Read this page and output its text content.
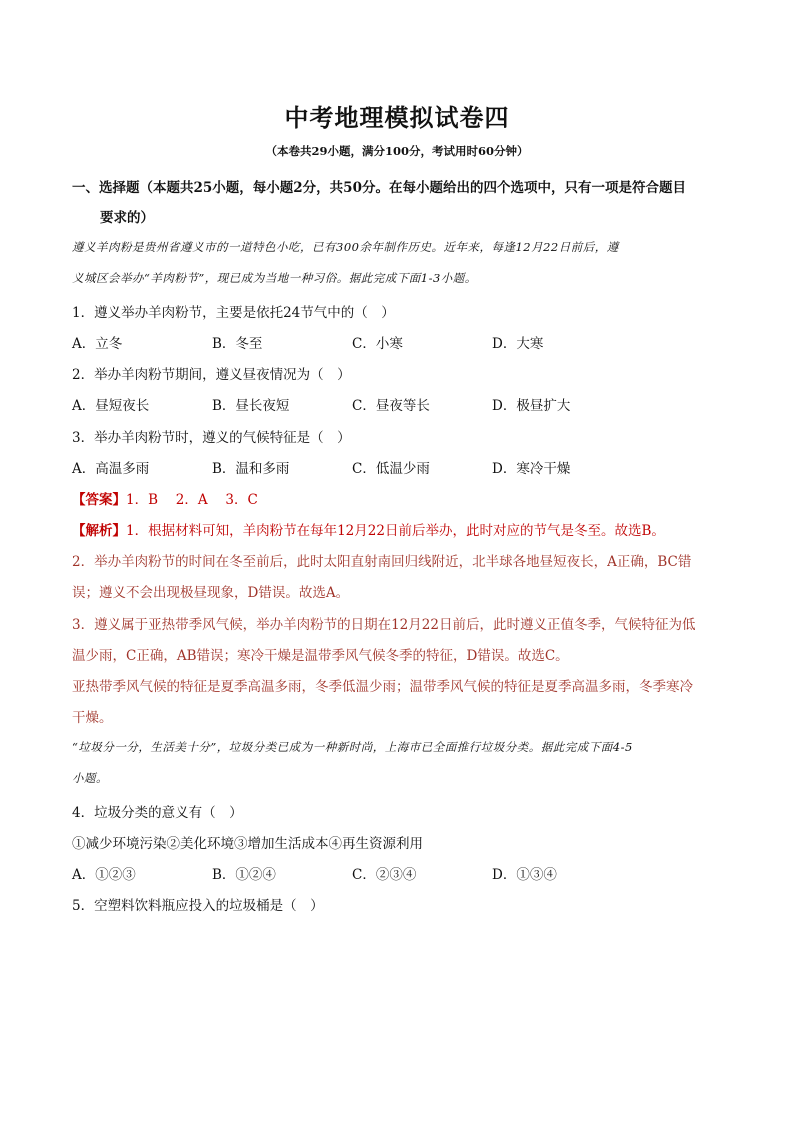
中考地理模拟试卷四
（本卷共29小题，满分100分，考试用时60分钟）
一、选择题（本题共25小题，每小题2分，共50分。在每小题给出的四个选项中，只有一项是符合题目
要求的）
遵义羊肉粉是贵州省遵义市的一道特色小吃，已有300余年制作历史。近年来，每逢12月22日前后，遵
义城区会举办“羊肉粉节”，现已成为当地一种习俗。据此完成下面1-3小题。
1．遵义举办羊肉粉节，主要是依托24节气中的（　）
A．立冬	B．冬至	C．小寒	D．大寒
2．举办羊肉粉节期间，遵义昼夜情况为（　）
A．昼短夜长	B．昼长夜短	C．昼夜等长	D．极昼扩大
3．举办羊肉粉节时，遵义的气候特征是（　）
A．高温多雨	B．温和多雨	C．低温少雨	D．寒冷干燥
【答案】1．B　 2．A　 3．C
【解析】1．根据材料可知，羊肉粉节在每年12月22日前后举办，此时对应的节气是冬至。故选B。
2．举办羊肉粉节的时间在冬至前后，此时太阳直射南回归线附近，北半球各地昼短夜长，A正确，BC错
误；遵义不会出现极昼现象，D错误。故选A。
3．遵义属于亚热带季风气候，举办羊肉粉节的日期在12月22日前后，此时遵义正值冬季，气候特征为低
温少雨，C正确，AB错误；寒冷干燥是温带季风气候冬季的特征，D错误。故选C。
亚热带季风气候的特征是夏季高温多雨，冬季低温少雨；温带季风气候的特征是夏季高温多雨，冬季寒冷
干燥。
“垃圾分一分，生活美十分”，垃圾分类已成为一种新时尚，上海市已全面推行垃圾分类。据此完成下面4-5
小题。
4．垃圾分类的意义有（　）
①减少环境污染②美化环境③增加生活成本④再生资源利用
A．①②③	B．①②④	C．②③④	D．①③④
5．空塑料饮料瓶应投入的垃圾桶是（　）
